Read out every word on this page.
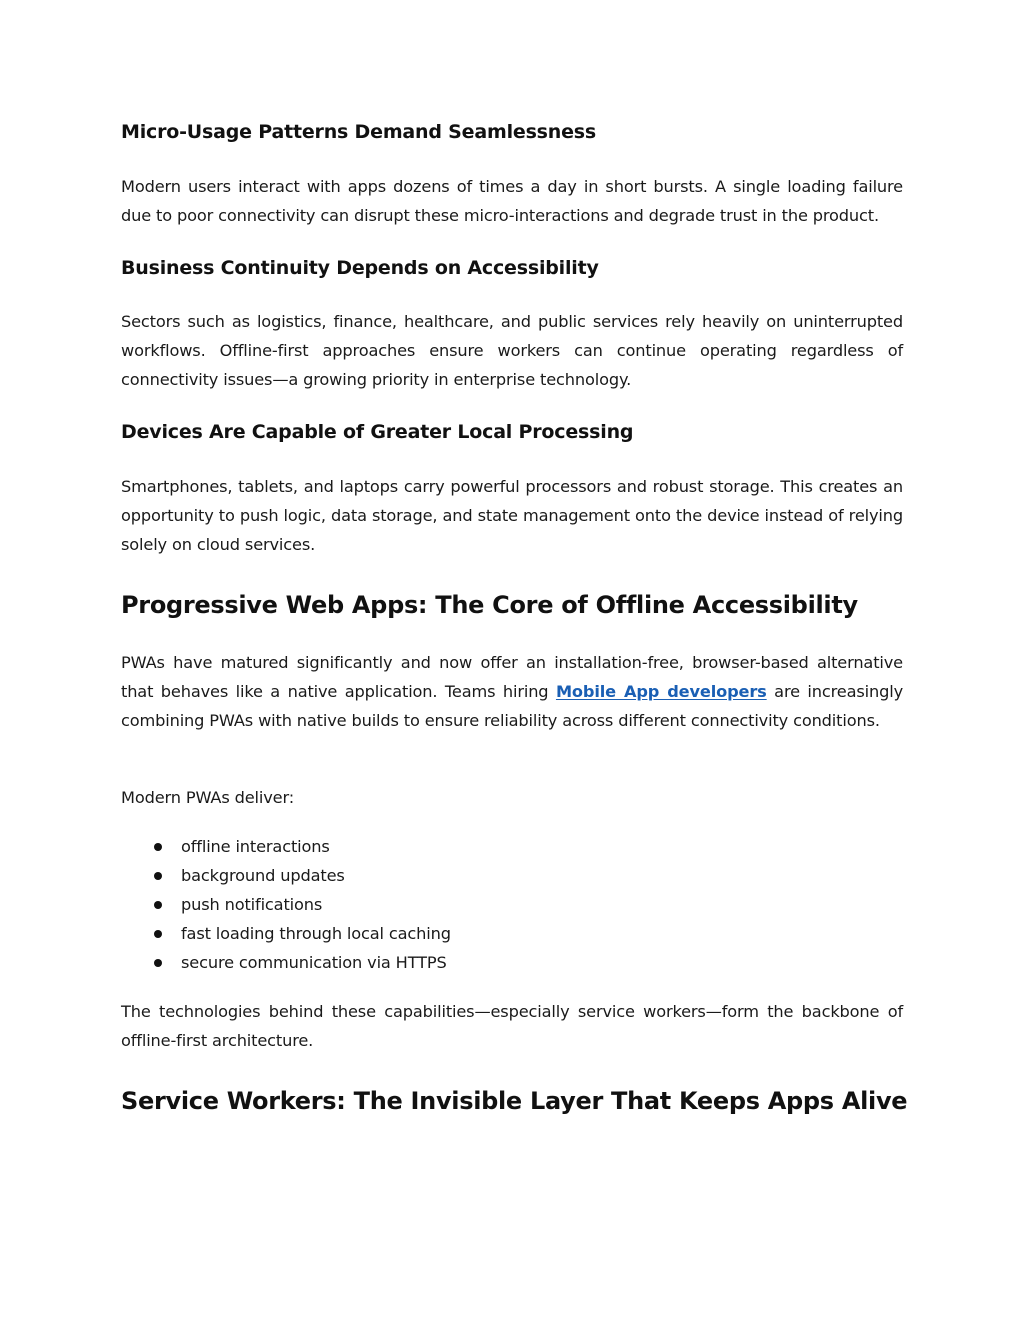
Micro-Usage Patterns Demand Seamlessness

Modern users interact with apps dozens of times a day in short bursts. A single loading failure due to poor connectivity can disrupt these micro-interactions and degrade trust in the product.

Business Continuity Depends on Accessibility

Sectors such as logistics, finance, healthcare, and public services rely heavily on uninterrupted workflows. Offline-first approaches ensure workers can continue operating regardless of connectivity issues—a growing priority in enterprise technology.

Devices Are Capable of Greater Local Processing

Smartphones, tablets, and laptops carry powerful processors and robust storage. This creates an opportunity to push logic, data storage, and state management onto the device instead of relying solely on cloud services.

Progressive Web Apps: The Core of Offline Accessibility

PWAs have matured significantly and now offer an installation-free, browser-based alternative that behaves like a native application. Teams hiring Mobile App developers are increasingly combining PWAs with native builds to ensure reliability across different connectivity conditions.

Modern PWAs deliver:

offline interactions
background updates
push notifications
fast loading through local caching
secure communication via HTTPS

The technologies behind these capabilities—especially service workers—form the backbone of offline-first architecture.

Service Workers: The Invisible Layer That Keeps Apps Alive
